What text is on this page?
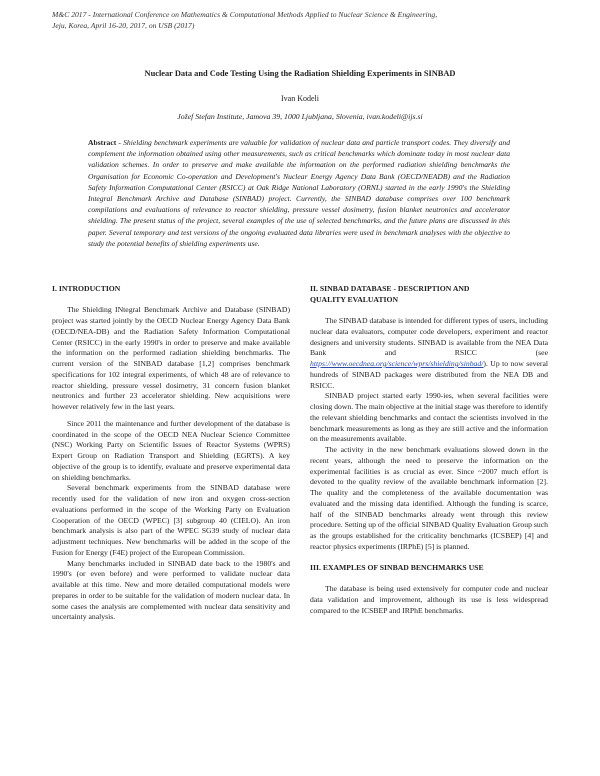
M&C 2017 - International Conference on Mathematics & Computational Methods Applied to Nuclear Science & Engineering,
Jeju, Korea, April 16-20, 2017, on USB (2017)
Nuclear Data and Code Testing Using the Radiation Shielding Experiments in SINBAD
Ivan Kodeli
Jožef Stefan Institute, Jamova 39, 1000 Ljubljana, Slovenia, ivan.kodeli@ijs.si
Abstract - Shielding benchmark experiments are valuable for validation of nuclear data and particle transport codes. They diversify and complement the information obtained using other measurements, such as critical benchmarks which dominate today in most nuclear data validation schemes. In order to preserve and make available the information on the performed radiation shielding benchmarks the Organisation for Economic Co-operation and Development's Nuclear Energy Agency Data Bank (OECD/NEADB) and the Radiation Safety Information Computational Center (RSICC) at Oak Ridge National Laboratory (ORNL) started in the early 1990's the Shielding Integral Benchmark Archive and Database (SINBAD) project. Currently, the SINBAD database comprises over 100 benchmark compilations and evaluations of relevance to reactor shielding, pressure vessel dosimetry, fusion blanket neutronics and accelerator shielding. The present status of the project, several examples of the use of selected benchmarks, and the future plans are discussed in this paper. Several temporary and test versions of the ongoing evaluated data libraries were used in benchmark analyses with the objective to study the potential benefits of shielding experiments use.
I. INTRODUCTION

The Shielding INtegral Benchmark Archive and Database (SINBAD) project was started jointly by the OECD Nuclear Energy Agency Data Bank (OECD/NEA-DB) and the Radiation Safety Information Computational Center (RSICC) in the early 1990's in order to preserve and make available the information on the performed radiation shielding benchmarks. The current version of the SINBAD database [1,2] comprises benchmark specifications for 102 integral experiments, of which 48 are of relevance to reactor shielding, pressure vessel dosimetry, 31 concern fusion blanket neutronics and further 23 accelerator shielding. New acquisitions were however relatively few in the last years.

Since 2011 the maintenance and further development of the database is coordinated in the scope of the OECD NEA Nuclear Science Committee (NSC) Working Party on Scientific Issues of Reactor Systems (WPRS) Expert Group on Radiation Transport and Shielding (EGRTS). A key objective of the group is to identify, evaluate and preserve experimental data on shielding benchmarks.

Several benchmark experiments from the SINBAD database were recently used for the validation of new iron and oxygen cross-section evaluations performed in the scope of the Working Party on Evaluation Cooperation of the OECD (WPEC) [3] subgroup 40 (CIELO). An iron benchmark analysis is also part of the WPEC SG39 study of nuclear data adjustment techniques. New benchmarks will be added in the scope of the Fusion for Energy (F4E) project of the European Commission.

Many benchmarks included in SINBAD date back to the 1980's and 1990's (or even before) and were performed to validate nuclear data available at this time. New and more detailed computational models were prepares in order to be suitable for the validation of modern nuclear data. In some cases the analysis are complemented with nuclear data sensitivity and uncertainty analysis.

II. SINBAD DATABASE - DESCRIPTION AND
QUALITY EVALUATION

The SINBAD database is intended for different types of users, including nuclear data evaluators, computer code developers, experiment and reactor designers and university students. SINBAD is available from the NEA Data Bank and RSICC (see https://www.oecdnea.org/science/wprs/shielding/sinbad/). Up to now several hundreds of SINBAD packages were distributed from the NEA DB and RSICC.

SINBAD project started early 1990-ies, when several facilities were closing down. The main objective at the initial stage was therefore to identify the relevant shielding benchmarks and contact the scientists involved in the benchmark measurements as long as they are still active and the information on the measurements available.

The activity in the new benchmark evaluations slowed down in the recent years, although the need to preserve the information on the experimental facilities is as crucial as ever. Since ~2007 much effort is devoted to the quality review of the available benchmark information [2]. The quality and the completeness of the available documentation was evaluated and the missing data identified. Although the funding is scarce, half of the SINBAD benchmarks already went through this review procedure. Setting up of the official SINBAD Quality Evaluation Group such as the groups established for the criticality benchmarks (ICSBEP) [4] and reactor physics experiments (IRPhE) [5] is planned.

III. EXAMPLES OF SINBAD BENCHMARKS USE

The database is being used extensively for computer code and nuclear data validation and improvement, although its use is less widespread compared to the ICSBEP and IRPhE benchmarks.
